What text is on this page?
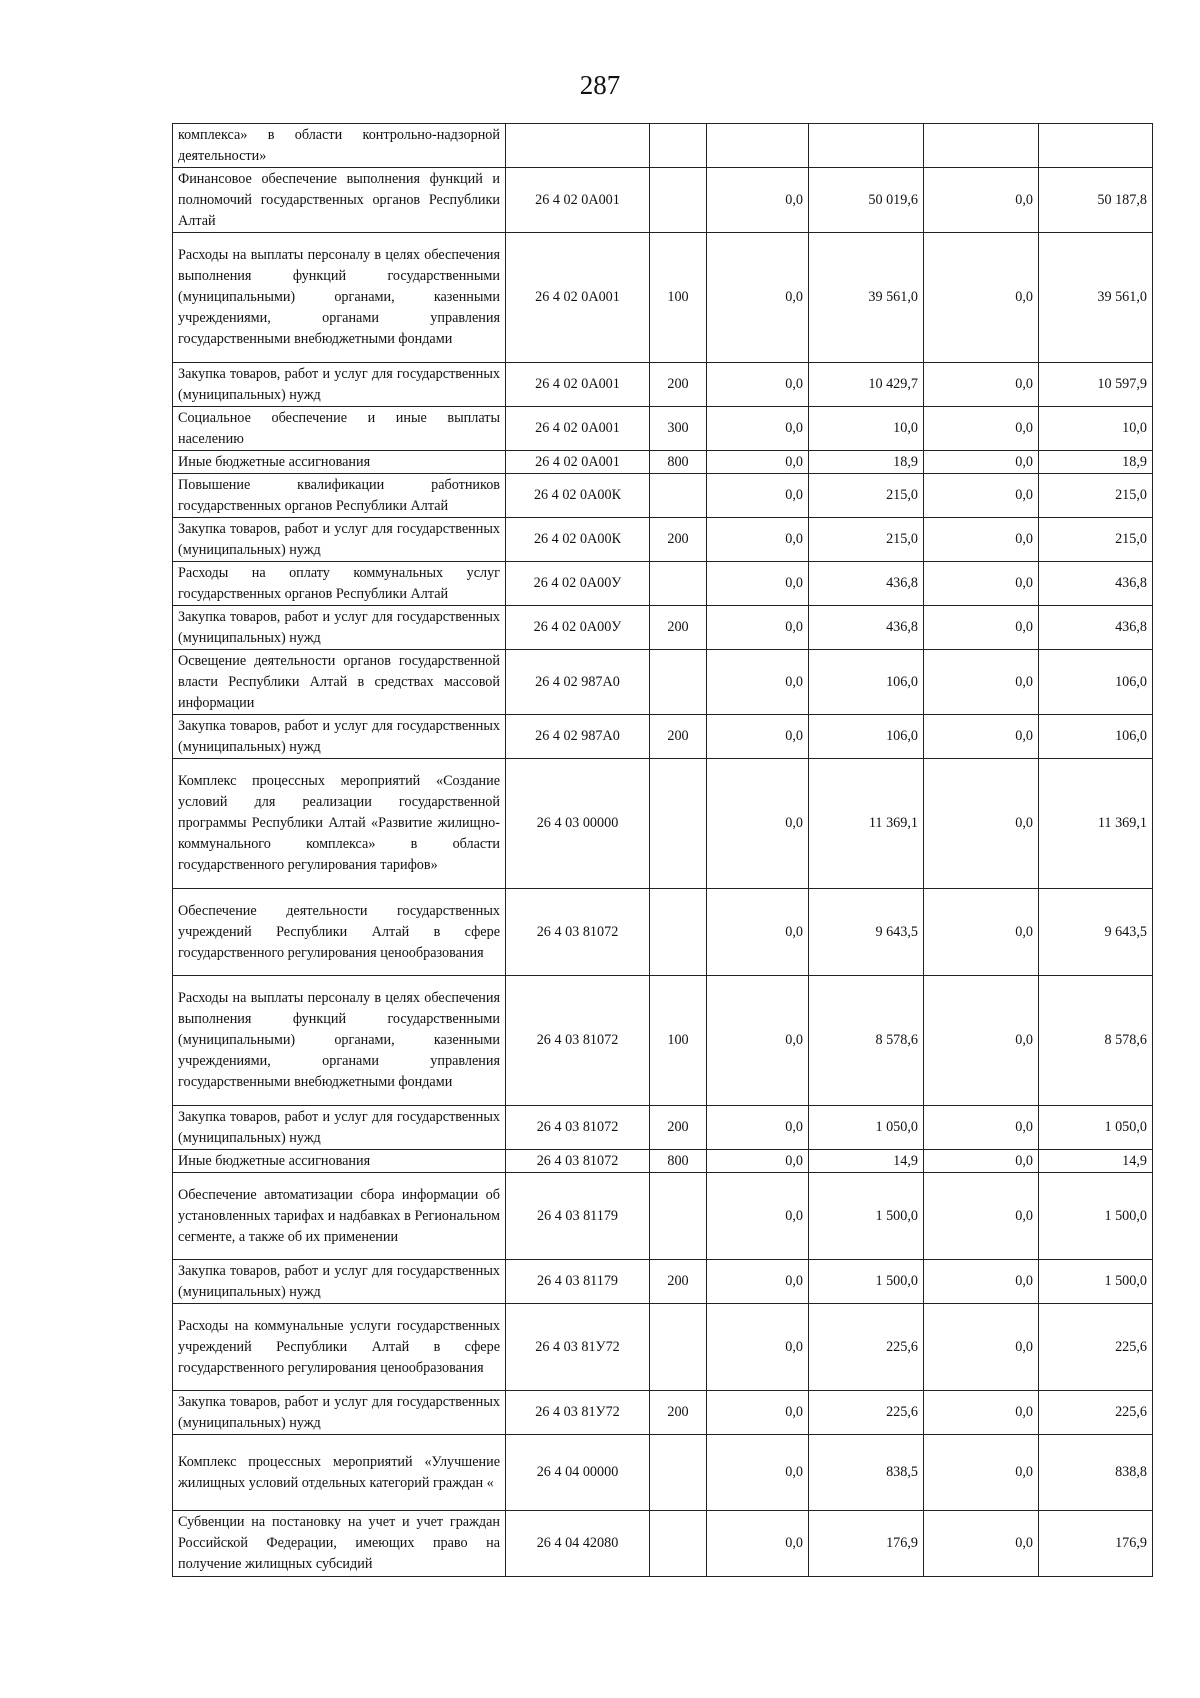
287
комплекса» в области контрольно-надзорной деятельности»						
Финансовое обеспечение выполнения функций и полномочий государственных органов Республики Алтай	26 4 02 0А001		0,0	50 019,6	0,0	50 187,8
Расходы на выплаты персоналу в целях обеспечения выполнения функций государственными (муниципальными) органами, казенными учреждениями, органами управления государственными внебюджетными фондами	26 4 02 0А001	100	0,0	39 561,0	0,0	39 561,0
Закупка товаров, работ и услуг для государственных (муниципальных) нужд	26 4 02 0А001	200	0,0	10 429,7	0,0	10 597,9
Социальное обеспечение и иные выплаты населению	26 4 02 0А001	300	0,0	10,0	0,0	10,0
Иные бюджетные ассигнования	26 4 02 0А001	800	0,0	18,9	0,0	18,9
Повышение квалификации работников государственных органов Республики Алтай	26 4 02 0А00К		0,0	215,0	0,0	215,0
Закупка товаров, работ и услуг для государственных (муниципальных) нужд	26 4 02 0А00К	200	0,0	215,0	0,0	215,0
Расходы на оплату коммунальных услуг государственных органов Республики Алтай	26 4 02 0А00У		0,0	436,8	0,0	436,8
Закупка товаров, работ и услуг для государственных (муниципальных) нужд	26 4 02 0А00У	200	0,0	436,8	0,0	436,8
Освещение деятельности органов государственной власти Республики Алтай в средствах массовой информации	26 4 02 987А0		0,0	106,0	0,0	106,0
Закупка товаров, работ и услуг для государственных (муниципальных) нужд	26 4 02 987А0	200	0,0	106,0	0,0	106,0
Комплекс процессных мероприятий «Создание условий для реализации государственной программы Республики Алтай «Развитие жилищно-коммунального комплекса» в области государственного регулирования тарифов»	26 4 03 00000		0,0	11 369,1	0,0	11 369,1
Обеспечение деятельности государственных учреждений Республики Алтай в сфере государственного регулирования ценообразования	26 4 03 81072		0,0	9 643,5	0,0	9 643,5
Расходы на выплаты персоналу в целях обеспечения выполнения функций государственными (муниципальными) органами, казенными учреждениями, органами управления государственными внебюджетными фондами	26 4 03 81072	100	0,0	8 578,6	0,0	8 578,6
Закупка товаров, работ и услуг для государственных (муниципальных) нужд	26 4 03 81072	200	0,0	1 050,0	0,0	1 050,0
Иные бюджетные ассигнования	26 4 03 81072	800	0,0	14,9	0,0	14,9
Обеспечение автоматизации сбора информации об установленных тарифах и надбавках в Региональном сегменте, а также об их применении	26 4 03 81179		0,0	1 500,0	0,0	1 500,0
Закупка товаров, работ и услуг для государственных (муниципальных) нужд	26 4 03 81179	200	0,0	1 500,0	0,0	1 500,0
Расходы на коммунальные услуги государственных учреждений Республики Алтай в сфере государственного регулирования ценообразования	26 4 03 81У72		0,0	225,6	0,0	225,6
Закупка товаров, работ и услуг для государственных (муниципальных) нужд	26 4 03 81У72	200	0,0	225,6	0,0	225,6
Комплекс процессных мероприятий «Улучшение жилищных условий отдельных категорий граждан «	26 4 04 00000		0,0	838,5	0,0	838,8
Субвенции на постановку на учет и учет граждан Российской Федерации, имеющих право на получение жилищных субсидий	26 4 04 42080		0,0	176,9	0,0	176,9
